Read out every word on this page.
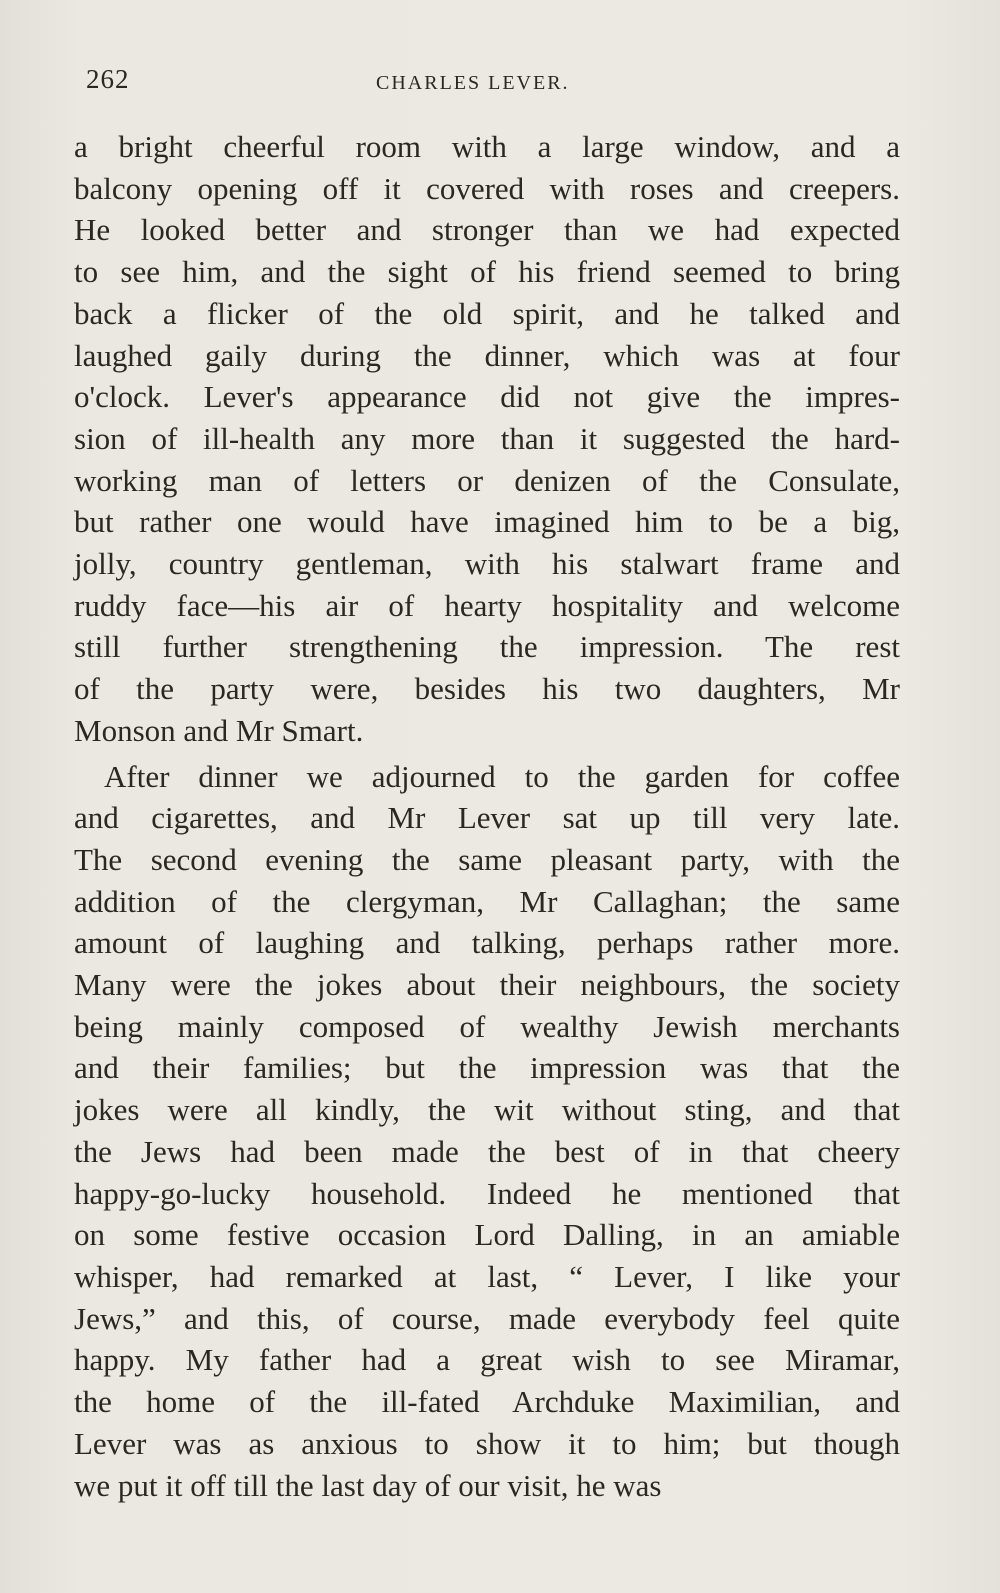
262	CHARLES LEVER.

a bright cheerful room with a large window, and a
balcony opening off it covered with roses and creepers.
He looked better and stronger than we had expected
to see him, and the sight of his friend seemed to bring
back a flicker of the old spirit, and he talked and
laughed gaily during the dinner, which was at four
o'clock. Lever's appearance did not give the impres-
sion of ill-health any more than it suggested the hard-
working man of letters or denizen of the Consulate,
but rather one would have imagined him to be a big,
jolly, country gentleman, with his stalwart frame and
ruddy face—his air of hearty hospitality and welcome
still further strengthening the impression. The rest
of the party were, besides his two daughters, Mr
Monson and Mr Smart.

After dinner we adjourned to the garden for coffee
and cigarettes, and Mr Lever sat up till very late.
The second evening the same pleasant party, with the
addition of the clergyman, Mr Callaghan; the same
amount of laughing and talking, perhaps rather more.
Many were the jokes about their neighbours, the society
being mainly composed of wealthy Jewish merchants
and their families; but the impression was that the
jokes were all kindly, the wit without sting, and that
the Jews had been made the best of in that cheery
happy-go-lucky household. Indeed he mentioned that
on some festive occasion Lord Dalling, in an amiable
whisper, had remarked at last, “ Lever, I like your
Jews,” and this, of course, made everybody feel quite
happy. My father had a great wish to see Miramar,
the home of the ill-fated Archduke Maximilian, and
Lever was as anxious to show it to him; but though
we put it off till the last day of our visit, he was
